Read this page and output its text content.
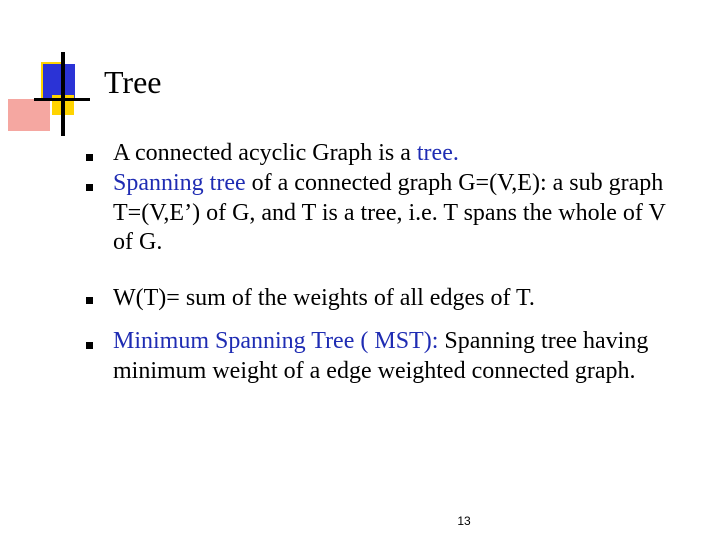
Tree
A connected acyclic Graph is a tree.
Spanning tree of a connected graph G=(V,E): a sub graph T=(V,E’) of G, and T is a tree, i.e. T spans the whole of V of G.
W(T)= sum of the weights of all edges of T.
Minimum Spanning Tree ( MST): Spanning tree having minimum weight of a edge weighted connected graph.
13
